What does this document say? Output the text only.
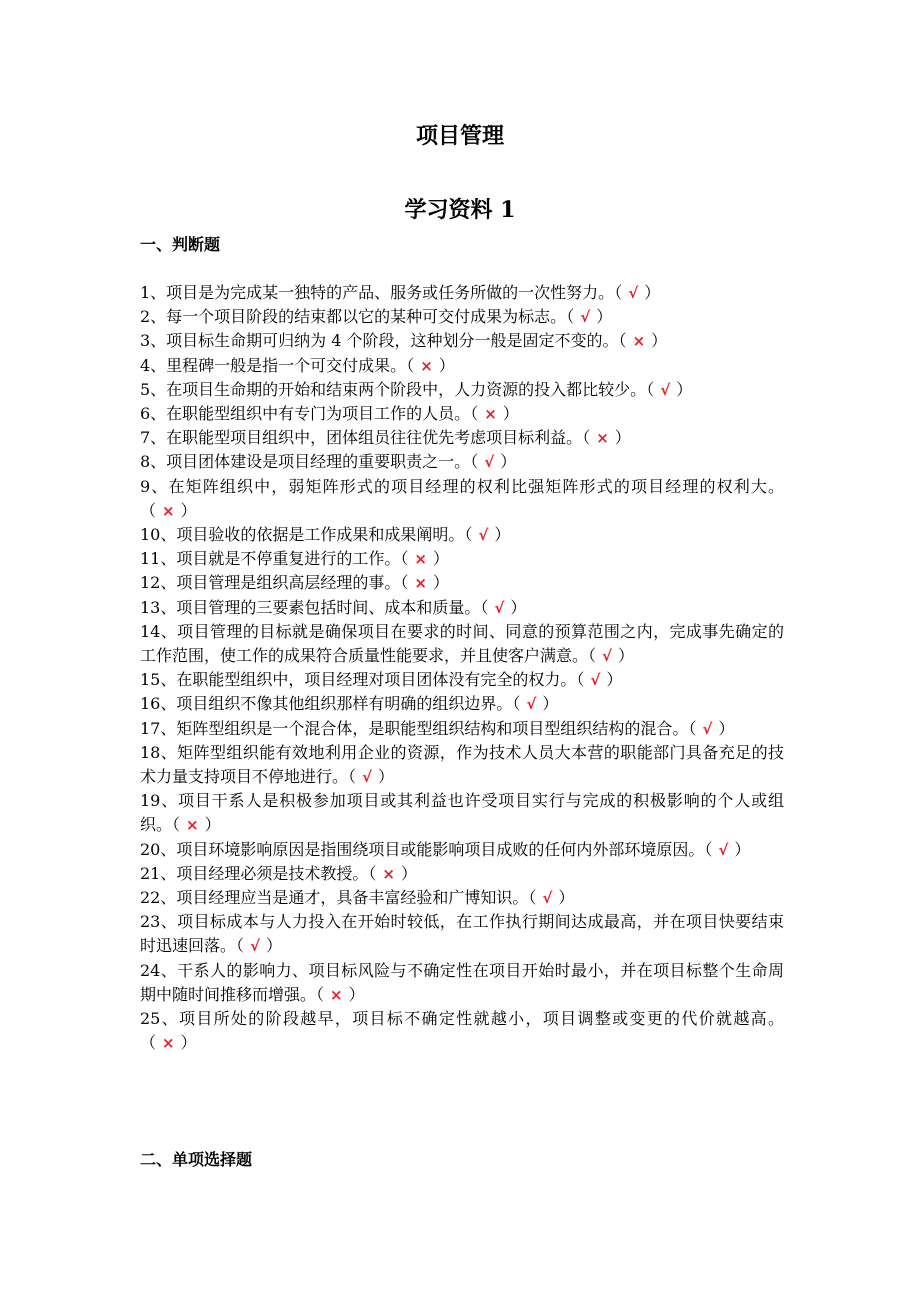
项目管理
学习资料 1
一、判断题
1、项目是为完成某一独特的产品、服务或任务所做的一次性努力。（ √ ）
2、每一个项目阶段的结束都以它的某种可交付成果为标志。（ √ ）
3、项目标生命期可归纳为 4 个阶段，这种划分一般是固定不变的。（ × ）
4、里程碑一般是指一个可交付成果。（ × ）
5、在项目生命期的开始和结束两个阶段中，人力资源的投入都比较少。（ √ ）
6、在职能型组织中有专门为项目工作的人员。（ × ）
7、在职能型项目组织中，团体组员往往优先考虑项目标利益。（ × ）
8、项目团体建设是项目经理的重要职责之一。（ √ ）
9、在矩阵组织中，弱矩阵形式的项目经理的权利比强矩阵形式的项目经理的权利大。（ × ）
10、项目验收的依据是工作成果和成果阐明。（ √ ）
11、项目就是不停重复进行的工作。（ × ）
12、项目管理是组织高层经理的事。（ × ）
13、项目管理的三要素包括时间、成本和质量。（ √ ）
14、项目管理的目标就是确保项目在要求的时间、同意的预算范围之内，完成事先确定的工作范围，使工作的成果符合质量性能要求，并且使客户满意。（ √ ）
15、在职能型组织中，项目经理对项目团体没有完全的权力。（ √ ）
16、项目组织不像其他组织那样有明确的组织边界。（ √ ）
17、矩阵型组织是一个混合体，是职能型组织结构和项目型组织结构的混合。（ √ ）
18、矩阵型组织能有效地利用企业的资源，作为技术人员大本营的职能部门具备充足的技术力量支持项目不停地进行。（ √ ）
19、项目干系人是积极参加项目或其利益也许受项目实行与完成的积极影响的个人或组织。（ × ）
20、项目环境影响原因是指围绕项目或能影响项目成败的任何内外部环境原因。（ √ ）
21、项目经理必须是技术教授。（ × ）
22、项目经理应当是通才，具备丰富经验和广博知识。（ √ ）
23、项目标成本与人力投入在开始时较低，在工作执行期间达成最高，并在项目快要结束时迅速回落。（ √ ）
24、干系人的影响力、项目标风险与不确定性在项目开始时最小，并在项目标整个生命周期中随时间推移而增强。（ × ）
25、项目所处的阶段越早，项目标不确定性就越小，项目调整或变更的代价就越高。（ × ）
二、单项选择题
